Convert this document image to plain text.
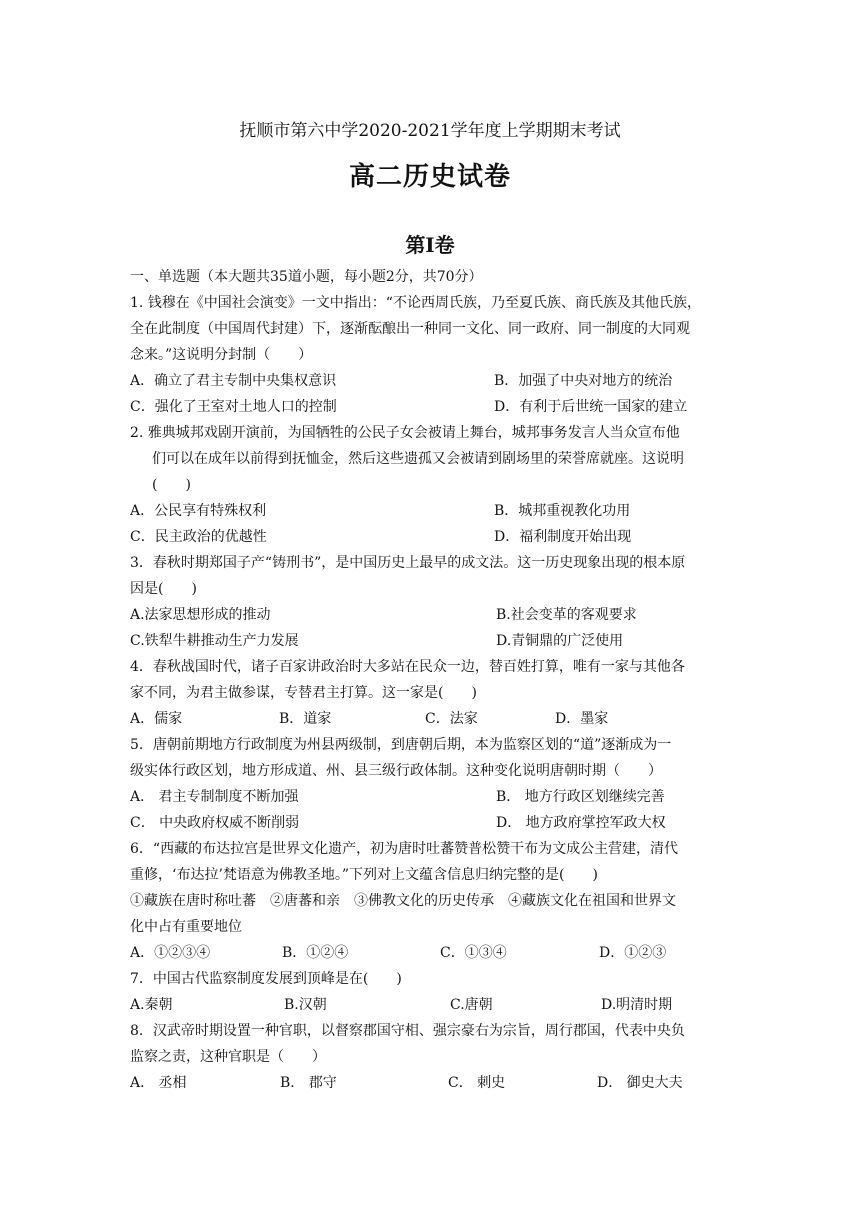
抚顺市第六中学2020-2021学年度上学期期末考试
高二历史试卷
第Ⅰ卷
一、单选题（本大题共35道小题，每小题2分，共70分）
1. 钱穆在《中国社会演变》一文中指出：“不论西周氏族，乃至夏氏族、商氏族及其他氏族，
全在此制度（中国周代封建）下，逐渐酝酿出一种同一文化、同一政府、同一制度的大同观
念来。”这说明分封制（　　）
A．确立了君主专制中央集权意识	B．加强了中央对地方的统治
C．强化了王室对土地人口的控制	D．有利于后世统一国家的建立
2. 雅典城邦戏剧开演前，为国牺牲的公民子女会被请上舞台，城邦事务发言人当众宣布他
们可以在成年以前得到抚恤金，然后这些遗孤又会被请到剧场里的荣誉席就座。这说明
(　　)
A．公民享有特殊权利	B．城邦重视教化功用
C．民主政治的优越性	D．福利制度开始出现
3．春秋时期郑国子产“铸刑书”，是中国历史上最早的成文法。这一历史现象出现的根本原
因是(　　)
A.法家思想形成的推动	B.社会变革的客观要求
C.铁犁牛耕推动生产力发展	D.青铜鼎的广泛使用
4．春秋战国时代，诸子百家讲政治时大多站在民众一边，替百姓打算，唯有一家与其他各
家不同，为君主做参谋，专替君主打算。这一家是(　　)
A．儒家	B．道家	C．法家	D．墨家
5．唐朝前期地方行政制度为州县两级制，到唐朝后期，本为监察区划的“道”逐渐成为一
级实体行政区划，地方形成道、州、县三级行政体制。这种变化说明唐朝时期（　　）
A． 君主专制制度不断加强	B． 地方行政区划继续完善
C． 中央政府权威不断削弱	D． 地方政府掌控军政大权
6．“西藏的布达拉宫是世界文化遗产，初为唐时吐蕃赞普松赞干布为文成公主营建，清代
重修，‘布达拉’梵语意为佛教圣地。”下列对上文蕴含信息归纳完整的是(　　)
①藏族在唐时称吐蕃　②唐蕃和亲　③佛教文化的历史传承　④藏族文化在祖国和世界文
化中占有重要地位
A．①②③④	B．①②④	C．①③④	D．①②③
7．中国古代监察制度发展到顶峰是在(　　)
A.秦朝	B.汉朝	C.唐朝	D.明清时期
8．汉武帝时期设置一种官职，以督察郡国守相、强宗豪右为宗旨，周行郡国，代表中央负
监察之责，这种官职是（　　）
A． 丞相	B． 郡守	C． 刺史	D． 御史大夫
